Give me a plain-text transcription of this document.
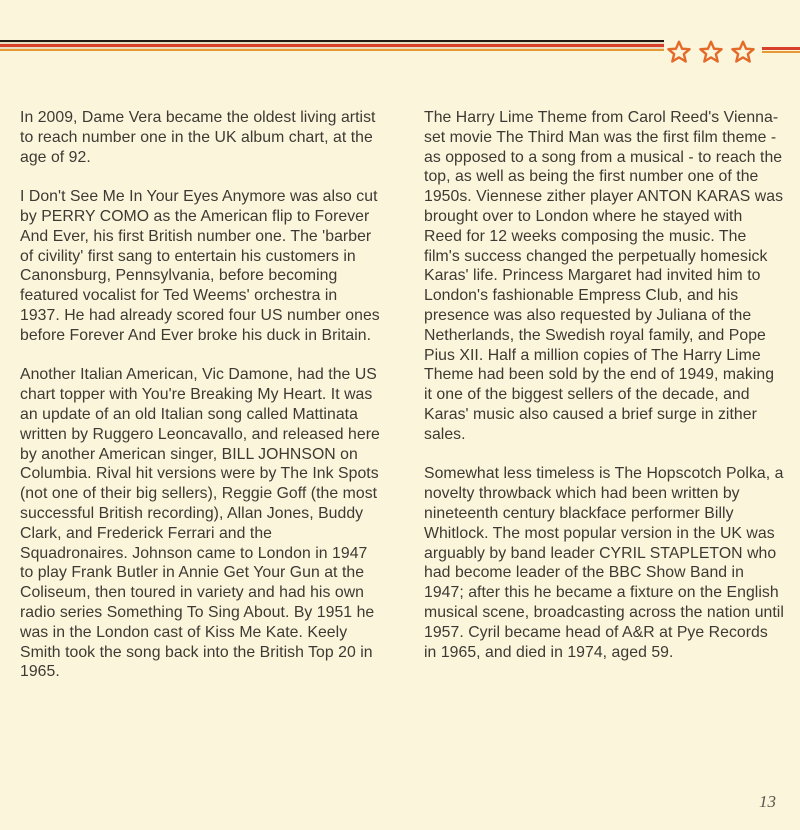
In 2009, Dame Vera became the oldest living artist to reach number one in the UK album chart, at the age of 92.

I Don't See Me In Your Eyes Anymore was also cut by PERRY COMO as the American flip to Forever And Ever, his first British number one. The 'barber of civility' first sang to entertain his customers in Canonsburg, Pennsylvania, before becoming featured vocalist for Ted Weems' orchestra in 1937. He had already scored four US number ones before Forever And Ever broke his duck in Britain.

Another Italian American, Vic Damone, had the US chart topper with You're Breaking My Heart. It was an update of an old Italian song called Mattinata written by Ruggero Leoncavallo, and released here by another American singer, BILL JOHNSON on Columbia. Rival hit versions were by The Ink Spots (not one of their big sellers), Reggie Goff (the most successful British recording), Allan Jones, Buddy Clark, and Frederick Ferrari and the Squadronaires. Johnson came to London in 1947 to play Frank Butler in Annie Get Your Gun at the Coliseum, then toured in variety and had his own radio series Something To Sing About. By 1951 he was in the London cast of Kiss Me Kate. Keely Smith took the song back into the British Top 20 in 1965.

The Harry Lime Theme from Carol Reed's Vienna-set movie The Third Man was the first film theme - as opposed to a song from a musical - to reach the top, as well as being the first number one of the 1950s. Viennese zither player ANTON KARAS was brought over to London where he stayed with Reed for 12 weeks composing the music. The film's success changed the perpetually homesick Karas' life. Princess Margaret had invited him to London's fashionable Empress Club, and his presence was also requested by Juliana of the Netherlands, the Swedish royal family, and Pope Pius XII. Half a million copies of The Harry Lime Theme had been sold by the end of 1949, making it one of the biggest sellers of the decade, and Karas' music also caused a brief surge in zither sales.

Somewhat less timeless is The Hopscotch Polka, a novelty throwback which had been written by nineteenth century blackface performer Billy Whitlock. The most popular version in the UK was arguably by band leader CYRIL STAPLETON who had become leader of the BBC Show Band in 1947; after this he became a fixture on the English musical scene, broadcasting across the nation until 1957. Cyril became head of A&R at Pye Records in 1965, and died in 1974, aged 59.

13
